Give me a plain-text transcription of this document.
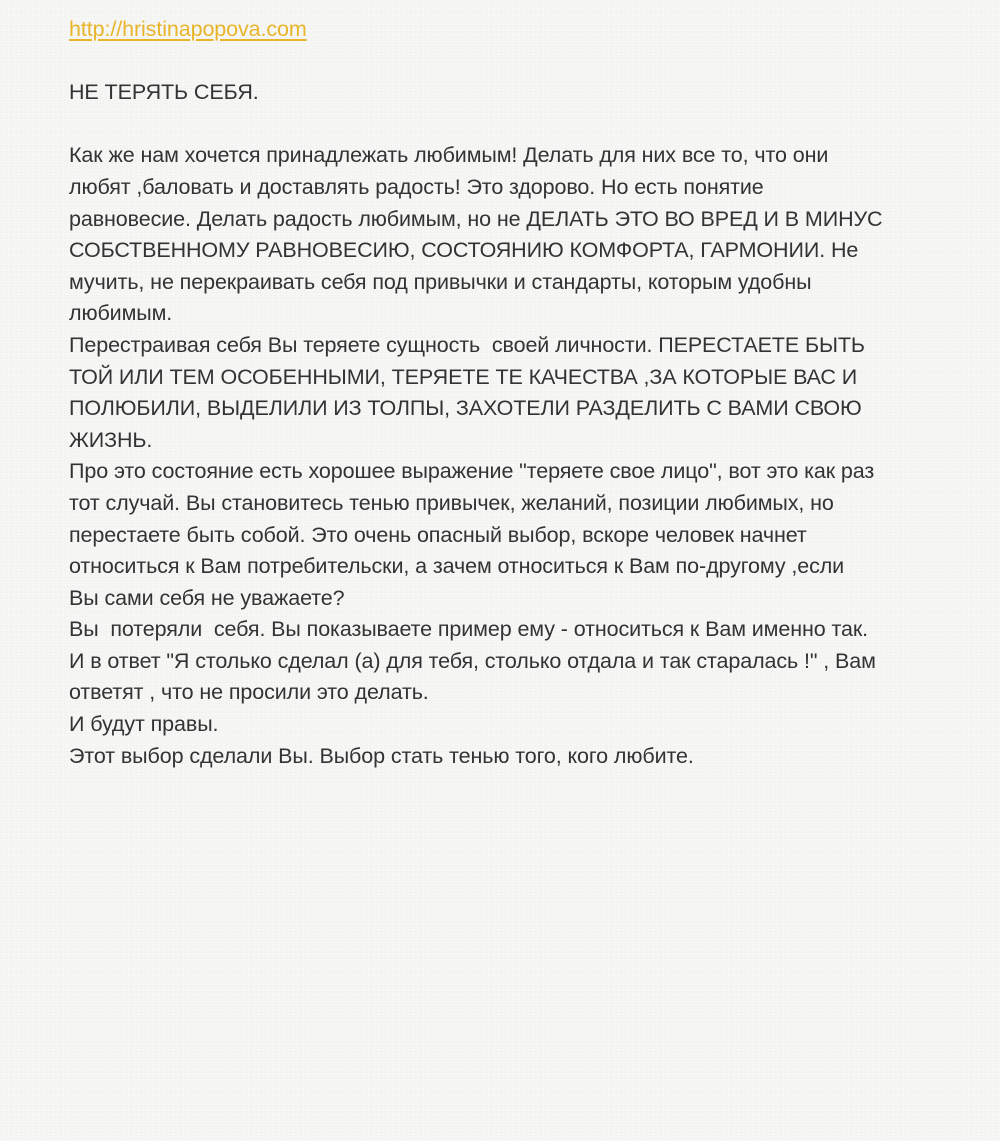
http://hristinapopova.com
НЕ ТЕРЯТЬ СЕБЯ.
Как же нам хочется принадлежать любимым! Делать для них все то, что они
любят ,баловать и доставлять радость! Это здорово. Но есть понятие
равновесие. Делать радость любимым, но не ДЕЛАТЬ ЭТО ВО ВРЕД И В МИНУС
СОБСТВЕННОМУ РАВНОВЕСИЮ, СОСТОЯНИЮ КОМФОРТА, ГАРМОНИИ. Не
мучить, не перекраивать себя под привычки и стандарты, которым удобны
любимым.
Перестраивая себя Вы теряете сущность  своей личности. ПЕРЕСТАЕТЕ БЫТЬ
ТОЙ ИЛИ ТЕМ ОСОБЕННЫМИ, ТЕРЯЕТЕ ТЕ КАЧЕСТВА ,ЗА КОТОРЫЕ ВАС И
ПОЛЮБИЛИ, ВЫДЕЛИЛИ ИЗ ТОЛПЫ, ЗАХОТЕЛИ РАЗДЕЛИТЬ С ВАМИ СВОЮ
ЖИЗНЬ.
Про это состояние есть хорошее выражение "теряете свое лицо", вот это как раз
тот случай. Вы становитесь тенью привычек, желаний, позиции любимых, но
перестаете быть собой. Это очень опасный выбор, вскоре человек начнет
относиться к Вам потребительски, а зачем относиться к Вам по-другому ,если
Вы сами себя не уважаете?
Вы  потеряли  себя. Вы показываете пример ему - относиться к Вам именно так.
И в ответ "Я столько сделал (а) для тебя, столько отдала и так старалась !" , Вам
ответят , что не просили это делать.
И будут правы.
Этот выбор сделали Вы. Выбор стать тенью того, кого любите.
